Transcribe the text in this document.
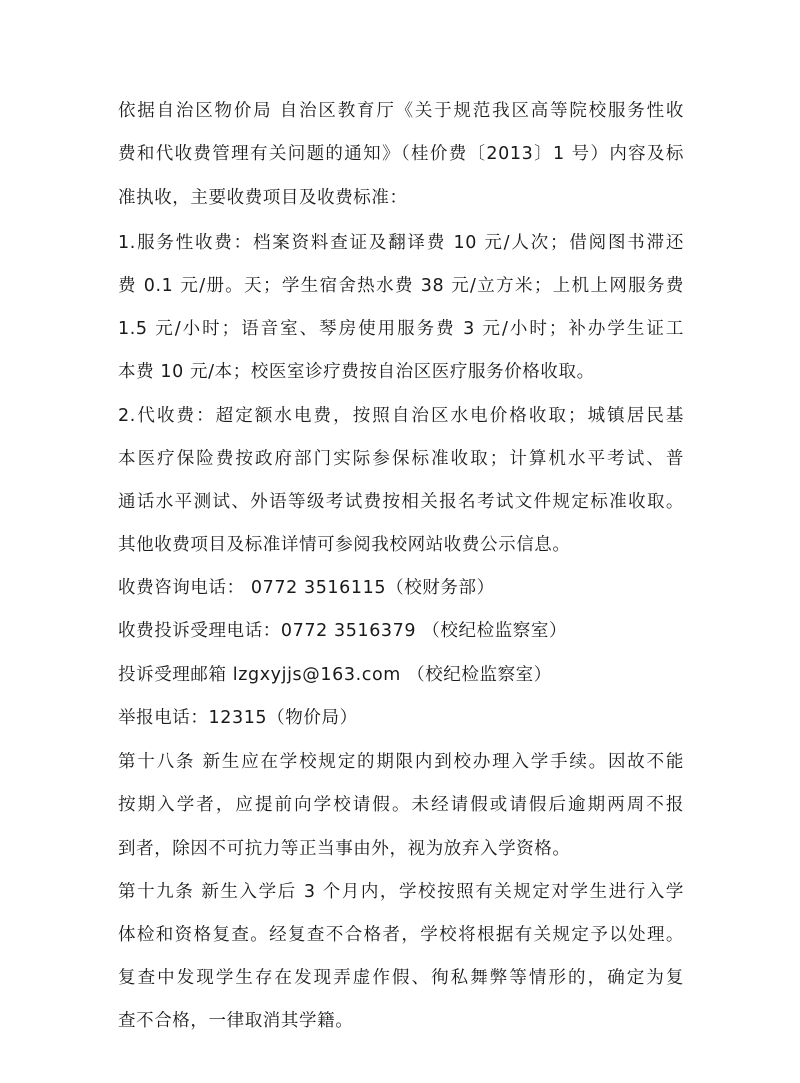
依据自治区物价局 自治区教育厅《关于规范我区高等院校服务性收
费和代收费管理有关问题的通知》（桂价费〔2013〕1 号）内容及标
准执收，主要收费项目及收费标准：
1.服务性收费：档案资料查证及翻译费 10 元/人次；借阅图书滞还
费 0.1 元/册。天；学生宿舍热水费 38 元/立方米；上机上网服务费
1.5 元/小时；语音室、琴房使用服务费 3 元/小时；补办学生证工
本费 10 元/本；校医室诊疗费按自治区医疗服务价格收取。
2.代收费：超定额水电费，按照自治区水电价格收取；城镇居民基
本医疗保险费按政府部门实际参保标准收取；计算机水平考试、普
通话水平测试、外语等级考试费按相关报名考试文件规定标准收取。
其他收费项目及标准详情可参阅我校网站收费公示信息。
收费咨询电话： 0772 3516115（校财务部）
收费投诉受理电话：0772 3516379 （校纪检监察室）
投诉受理邮箱 lzgxyjjs@163.com （校纪检监察室）
举报电话：12315（物价局）
第十八条 新生应在学校规定的期限内到校办理入学手续。因故不能
按期入学者，应提前向学校请假。未经请假或请假后逾期两周不报
到者，除因不可抗力等正当事由外，视为放弃入学资格。
第十九条 新生入学后 3 个月内，学校按照有关规定对学生进行入学
体检和资格复查。经复查不合格者，学校将根据有关规定予以处理。
复查中发现学生存在发现弄虚作假、徇私舞弊等情形的，确定为复
查不合格，一律取消其学籍。
